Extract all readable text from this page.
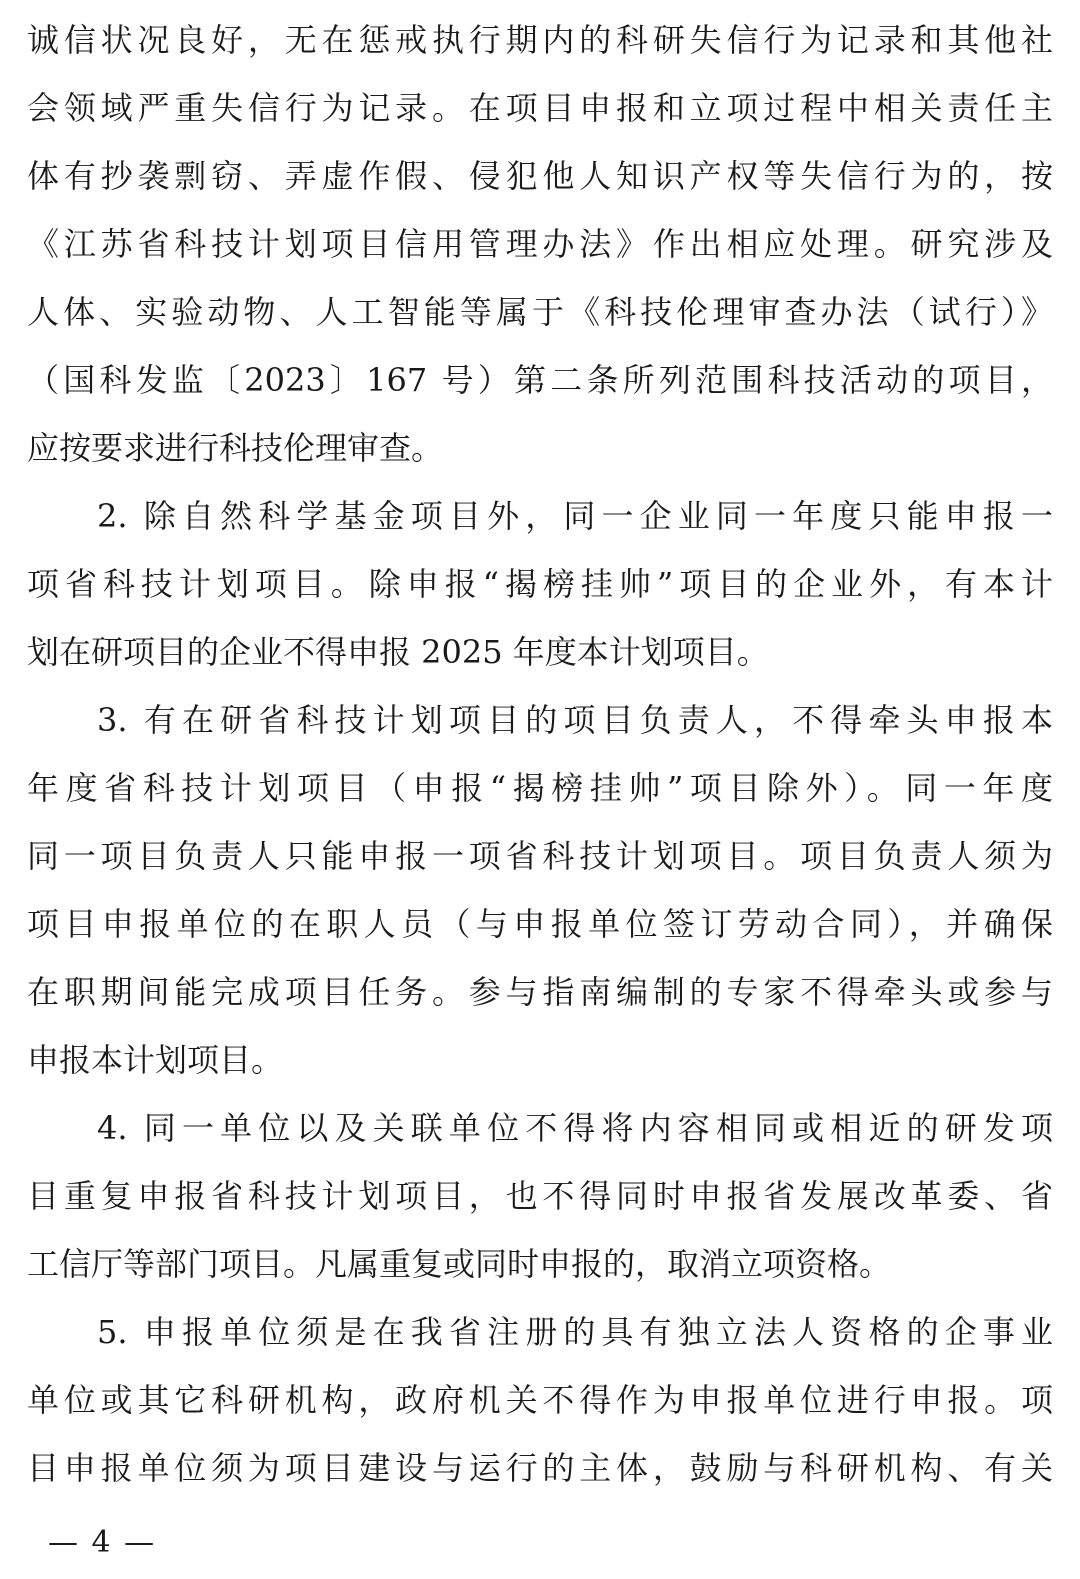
诚信状况良好，无在惩戒执行期内的科研失信行为记录和其他社
会领域严重失信行为记录。在项目申报和立项过程中相关责任主
体有抄袭剽窃、弄虚作假、侵犯他人知识产权等失信行为的，按
《江苏省科技计划项目信用管理办法》作出相应处理。研究涉及
人体、实验动物、人工智能等属于《科技伦理审查办法（试行）》
（国科发监〔2023〕167 号）第二条所列范围科技活动的项目，
应按要求进行科技伦理审查。
2. 除自然科学基金项目外，同一企业同一年度只能申报一
项省科技计划项目。除申报“揭榜挂帅”项目的企业外，有本计
划在研项目的企业不得申报 2025 年度本计划项目。
3. 有在研省科技计划项目的项目负责人，不得牵头申报本
年度省科技计划项目（申报“揭榜挂帅”项目除外）。同一年度
同一项目负责人只能申报一项省科技计划项目。项目负责人须为
项目申报单位的在职人员（与申报单位签订劳动合同），并确保
在职期间能完成项目任务。参与指南编制的专家不得牵头或参与
申报本计划项目。
4. 同一单位以及关联单位不得将内容相同或相近的研发项
目重复申报省科技计划项目，也不得同时申报省发展改革委、省
工信厅等部门项目。凡属重复或同时申报的，取消立项资格。
5. 申报单位须是在我省注册的具有独立法人资格的企事业
单位或其它科研机构，政府机关不得作为申报单位进行申报。项
目申报单位须为项目建设与运行的主体，鼓励与科研机构、有关
— 4 —
